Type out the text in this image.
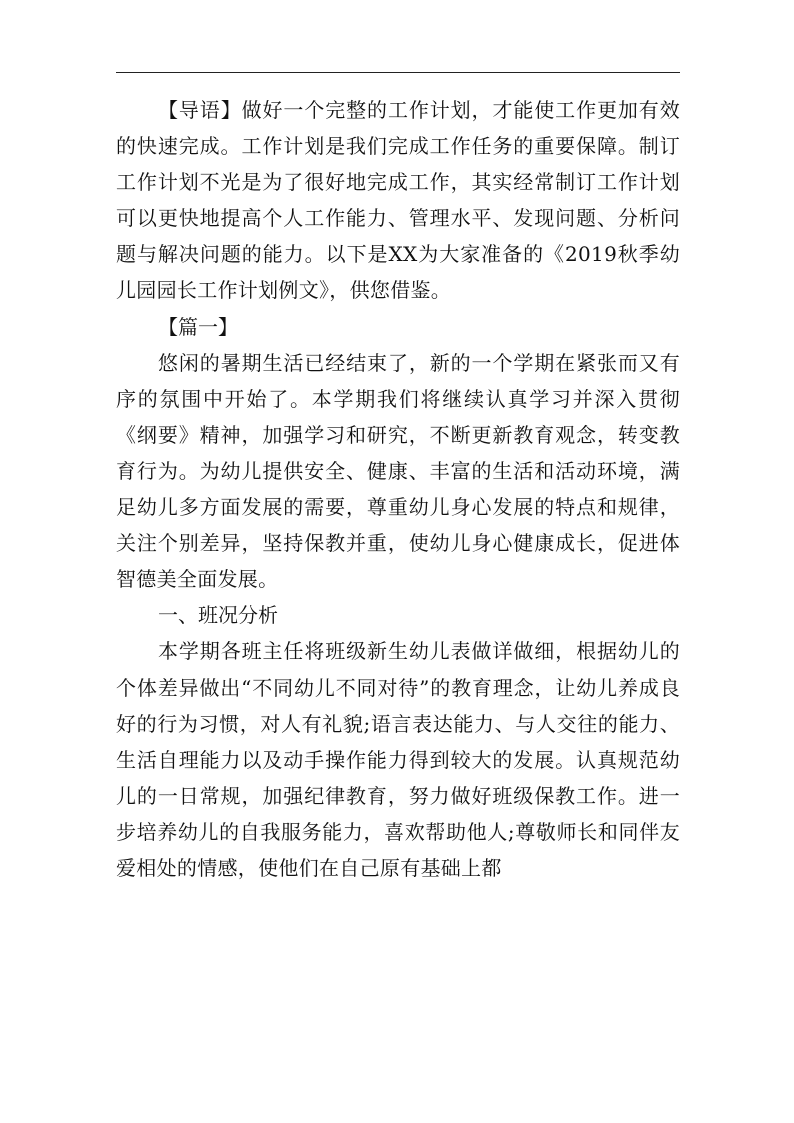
【导语】做好一个完整的工作计划，才能使工作更加有效的快速完成。工作计划是我们完成工作任务的重要保障。制订工作计划不光是为了很好地完成工作，其实经常制订工作计划可以更快地提高个人工作能力、管理水平、发现问题、分析问题与解决问题的能力。以下是XX为大家准备的《2019秋季幼儿园园长工作计划例文》，供您借鉴。

【篇一】

悠闲的暑期生活已经结束了，新的一个学期在紧张而又有序的氛围中开始了。本学期我们将继续认真学习并深入贯彻《纲要》精神，加强学习和研究，不断更新教育观念，转变教育行为。为幼儿提供安全、健康、丰富的生活和活动环境，满足幼儿多方面发展的需要，尊重幼儿身心发展的特点和规律，关注个别差异，坚持保教并重，使幼儿身心健康成长，促进体智德美全面发展。

一、班况分析

本学期各班主任将班级新生幼儿表做详做细，根据幼儿的个体差异做出“不同幼儿不同对待”的教育理念，让幼儿养成良好的行为习惯，对人有礼貌;语言表达能力、与人交往的能力、生活自理能力以及动手操作能力得到较大的发展。认真规范幼儿的一日常规，加强纪律教育，努力做好班级保教工作。进一步培养幼儿的自我服务能力，喜欢帮助他人;尊敬师长和同伴友爱相处的情感，使他们在自己原有基础上都
